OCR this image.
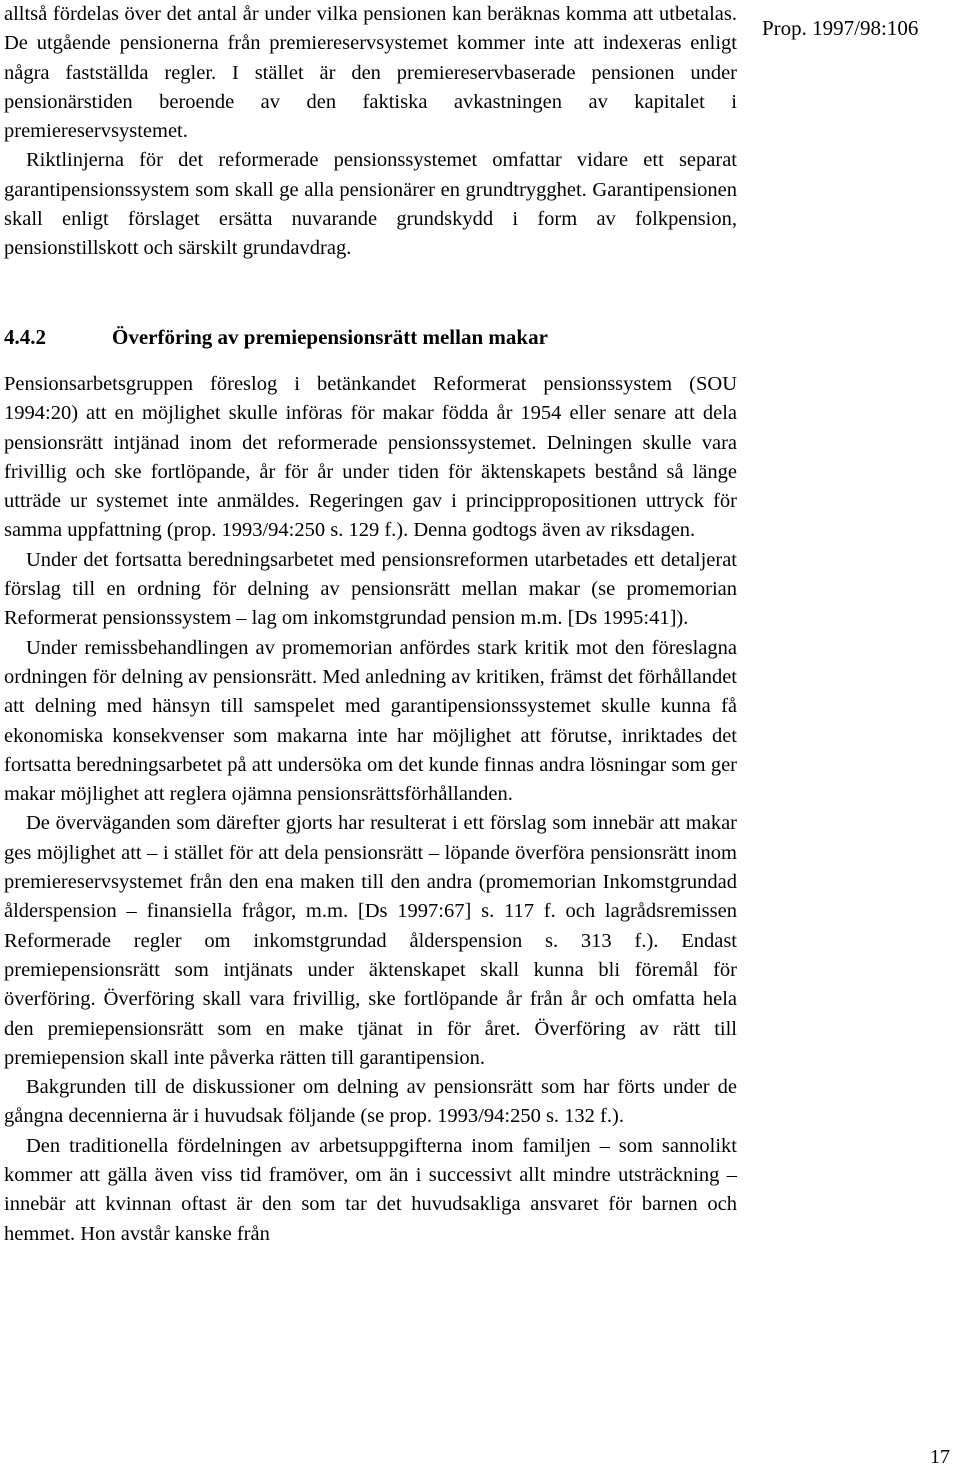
Prop. 1997/98:106

alltså fördelas över det antal år under vilka pensionen kan beräknas komma att utbetalas. De utgående pensionerna från premiereservsystemet kommer inte att indexeras enligt några fastställda regler. I stället är den premiereservbaserade pensionen under pensionärstiden beroende av den faktiska avkastningen av kapitalet i premiereservsystemet.

Riktlinjerna för det reformerade pensionssystemet omfattar vidare ett separat garantipensionssystem som skall ge alla pensionärer en grundtrygghet. Garantipensionen skall enligt förslaget ersätta nuvarande grundskydd i form av folkpension, pensionstillskott och särskilt grundavdrag.

4.4.2	Överföring av premiepensionsrätt mellan makar

Pensionsarbetsgruppen föreslog i betänkandet Reformerat pensionssystem (SOU 1994:20) att en möjlighet skulle införas för makar födda år 1954 eller senare att dela pensionsrätt intjänad inom det reformerade pensionssystemet. Delningen skulle vara frivillig och ske fortlöpande, år för år under tiden för äktenskapets bestånd så länge utträde ur systemet inte anmäldes. Regeringen gav i princippropositionen uttryck för samma uppfattning (prop. 1993/94:250 s. 129 f.). Denna godtogs även av riksdagen.

Under det fortsatta beredningsarbetet med pensionsreformen utarbetades ett detaljerat förslag till en ordning för delning av pensionsrätt mellan makar (se promemorian Reformerat pensionssystem – lag om inkomstgrundad pension m.m. [Ds 1995:41]).

Under remissbehandlingen av promemorian anfördes stark kritik mot den föreslagna ordningen för delning av pensionsrätt. Med anledning av kritiken, främst det förhållandet att delning med hänsyn till samspelet med garantipensionssystemet skulle kunna få ekonomiska konsekvenser som makarna inte har möjlighet att förutse, inriktades det fortsatta beredningsarbetet på att undersöka om det kunde finnas andra lösningar som ger makar möjlighet att reglera ojämna pensionsrättsförhållanden.

De överväganden som därefter gjorts har resulterat i ett förslag som innebär att makar ges möjlighet att – i stället för att dela pensionsrätt – löpande överföra pensionsrätt inom premiereservsystemet från den ena maken till den andra (promemorian Inkomstgrundad ålderspension – finansiella frågor, m.m. [Ds 1997:67] s. 117 f. och lagrådsremissen Reformerade regler om inkomstgrundad ålderspension s. 313 f.). Endast premiepensionsrätt som intjänats under äktenskapet skall kunna bli föremål för överföring. Överföring skall vara frivillig, ske fortlöpande år från år och omfatta hela den premiepensionsrätt som en make tjänat in för året. Överföring av rätt till premiepension skall inte påverka rätten till garantipension.

Bakgrunden till de diskussioner om delning av pensionsrätt som har förts under de gångna decennierna är i huvudsak följande (se prop. 1993/94:250 s. 132 f.).

Den traditionella fördelningen av arbetsuppgifterna inom familjen – som sannolikt kommer att gälla även viss tid framöver, om än i successivt allt mindre utsträckning – innebär att kvinnan oftast är den som tar det huvudsakliga ansvaret för barnen och hemmet. Hon avstår kanske från

17
